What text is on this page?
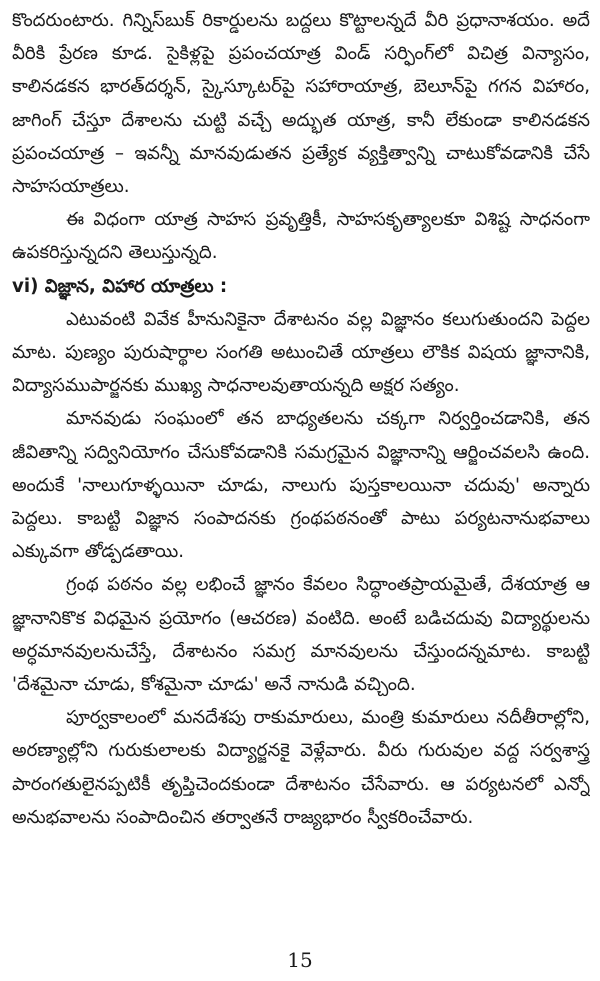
కొందరుంటారు. గిన్నిస్‌బుక్ రికార్డులను బద్దలు కొట్టాలన్నదే వీరి ప్రధానాశయం. అదే వీరికి ప్రేరణ కూడ. సైకిళ్లపై ప్రపంచయాత్ర విండ్ సర్ఫింగ్‌లో విచిత్ర విన్యాసం, కాలినడకన భారత్‌దర్శన్, స్కైస్కూటర్‌పై సహారాయాత్ర, బెలూన్‌పై గగన విహారం, జాగింగ్ చేస్తూ దేశాలను చుట్టి వచ్చే అద్భుత యాత్ర, కానీ లేకుండా కాలినడకన ప్రపంచయాత్ర – ఇవన్నీ మానవుడుతన ప్రత్యేక వ్యక్తిత్వాన్ని చాటుకోవడానికి చేసే సాహసయాత్రలు.

ఈ విధంగా యాత్ర సాహస ప్రవృత్తికీ, సాహసకృత్యాలకూ విశిష్ట సాధనంగా ఉపకరిస్తున్నదని తెలుస్తున్నది.

vi) విజ్ఞాన, విహార యాత్రలు :

ఎటువంటి వివేక హీనునికైనా దేశాటనం వల్ల విజ్ఞానం కలుగుతుందని పెద్దల మాట. పుణ్యం పురుషార్థాల సంగతి అటుంచితే యాత్రలు లౌకిక విషయ జ్ఞానానికి, విద్యాసముపార్జనకు ముఖ్య సాధనాలవుతాయన్నది అక్షర సత్యం.

మానవుడు సంఘంలో తన బాధ్యతలను చక్కగా నిర్వర్తించడానికి, తన జీవితాన్ని సద్వినియోగం చేసుకోవడానికి సమగ్రమైన విజ్ఞానాన్ని ఆర్జించవలసి ఉంది. అందుకే 'నాలుగూళ్ళయినా చూడు, నాలుగు పుస్తకాలయినా చదువు' అన్నారు పెద్దలు. కాబట్టి విజ్ఞాన సంపాదనకు గ్రంథపఠనంతో పాటు పర్యటనానుభవాలు ఎక్కువగా తోడ్పడతాయి.

గ్రంథ పఠనం వల్ల లభించే జ్ఞానం కేవలం సిద్ధాంతప్రాయమైతే, దేశయాత్ర ఆ జ్ఞానానికొక విధమైన ప్రయోగం (ఆచరణ) వంటిది. అంటే బడిచదువు విద్యార్థులను అర్ధమానవులనుచేస్తే, దేశాటనం సమగ్ర మానవులను చేస్తుందన్నమాట. కాబట్టి 'దేశమైనా చూడు, కోశమైనా చూడు' అనే నానుడి వచ్చింది.

పూర్వకాలంలో మనదేశపు రాకుమారులు, మంత్రి కుమారులు నదీతీరాల్లోని, అరణ్యాల్లోని గురుకులాలకు విద్యార్జనకై వెళ్లేవారు. వీరు గురువుల వద్ద సర్వశాస్త్ర పారంగతులైనప్పటికీ తృప్తిచెందకుండా దేశాటనం చేసేవారు. ఆ పర్యటనలో ఎన్నో అనుభవాలను సంపాదించిన తర్వాతనే రాజ్యభారం స్వీకరించేవారు.

15
